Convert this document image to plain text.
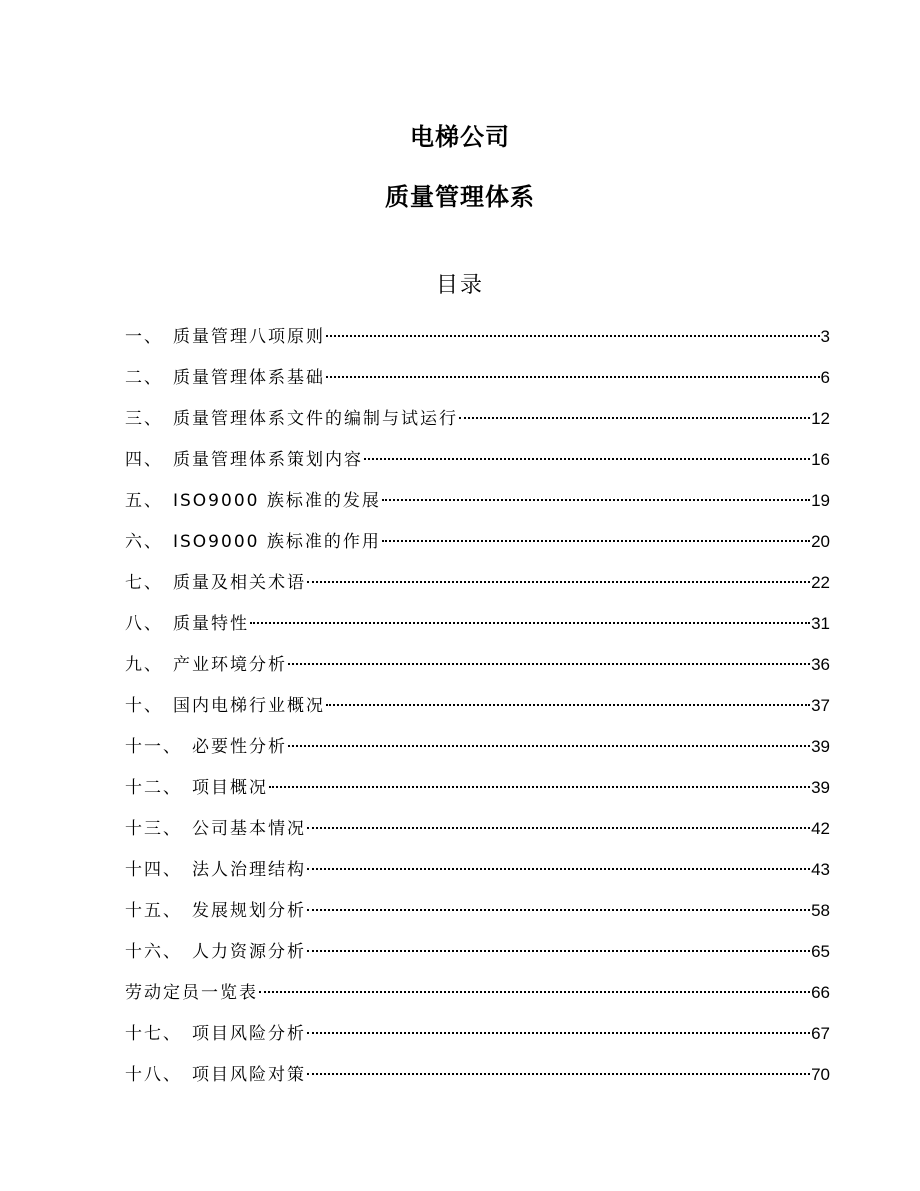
电梯公司
质量管理体系
目录
一、 质量管理八项原则	3
二、 质量管理体系基础	6
三、 质量管理体系文件的编制与试运行	12
四、 质量管理体系策划内容	16
五、 ISO9000 族标准的发展	19
六、 ISO9000 族标准的作用	20
七、 质量及相关术语	22
八、 质量特性	31
九、 产业环境分析	36
十、 国内电梯行业概况	37
十一、 必要性分析	39
十二、 项目概况	39
十三、 公司基本情况	42
十四、 法人治理结构	43
十五、 发展规划分析	58
十六、 人力资源分析	65
劳动定员一览表	66
十七、 项目风险分析	67
十八、 项目风险对策	70
